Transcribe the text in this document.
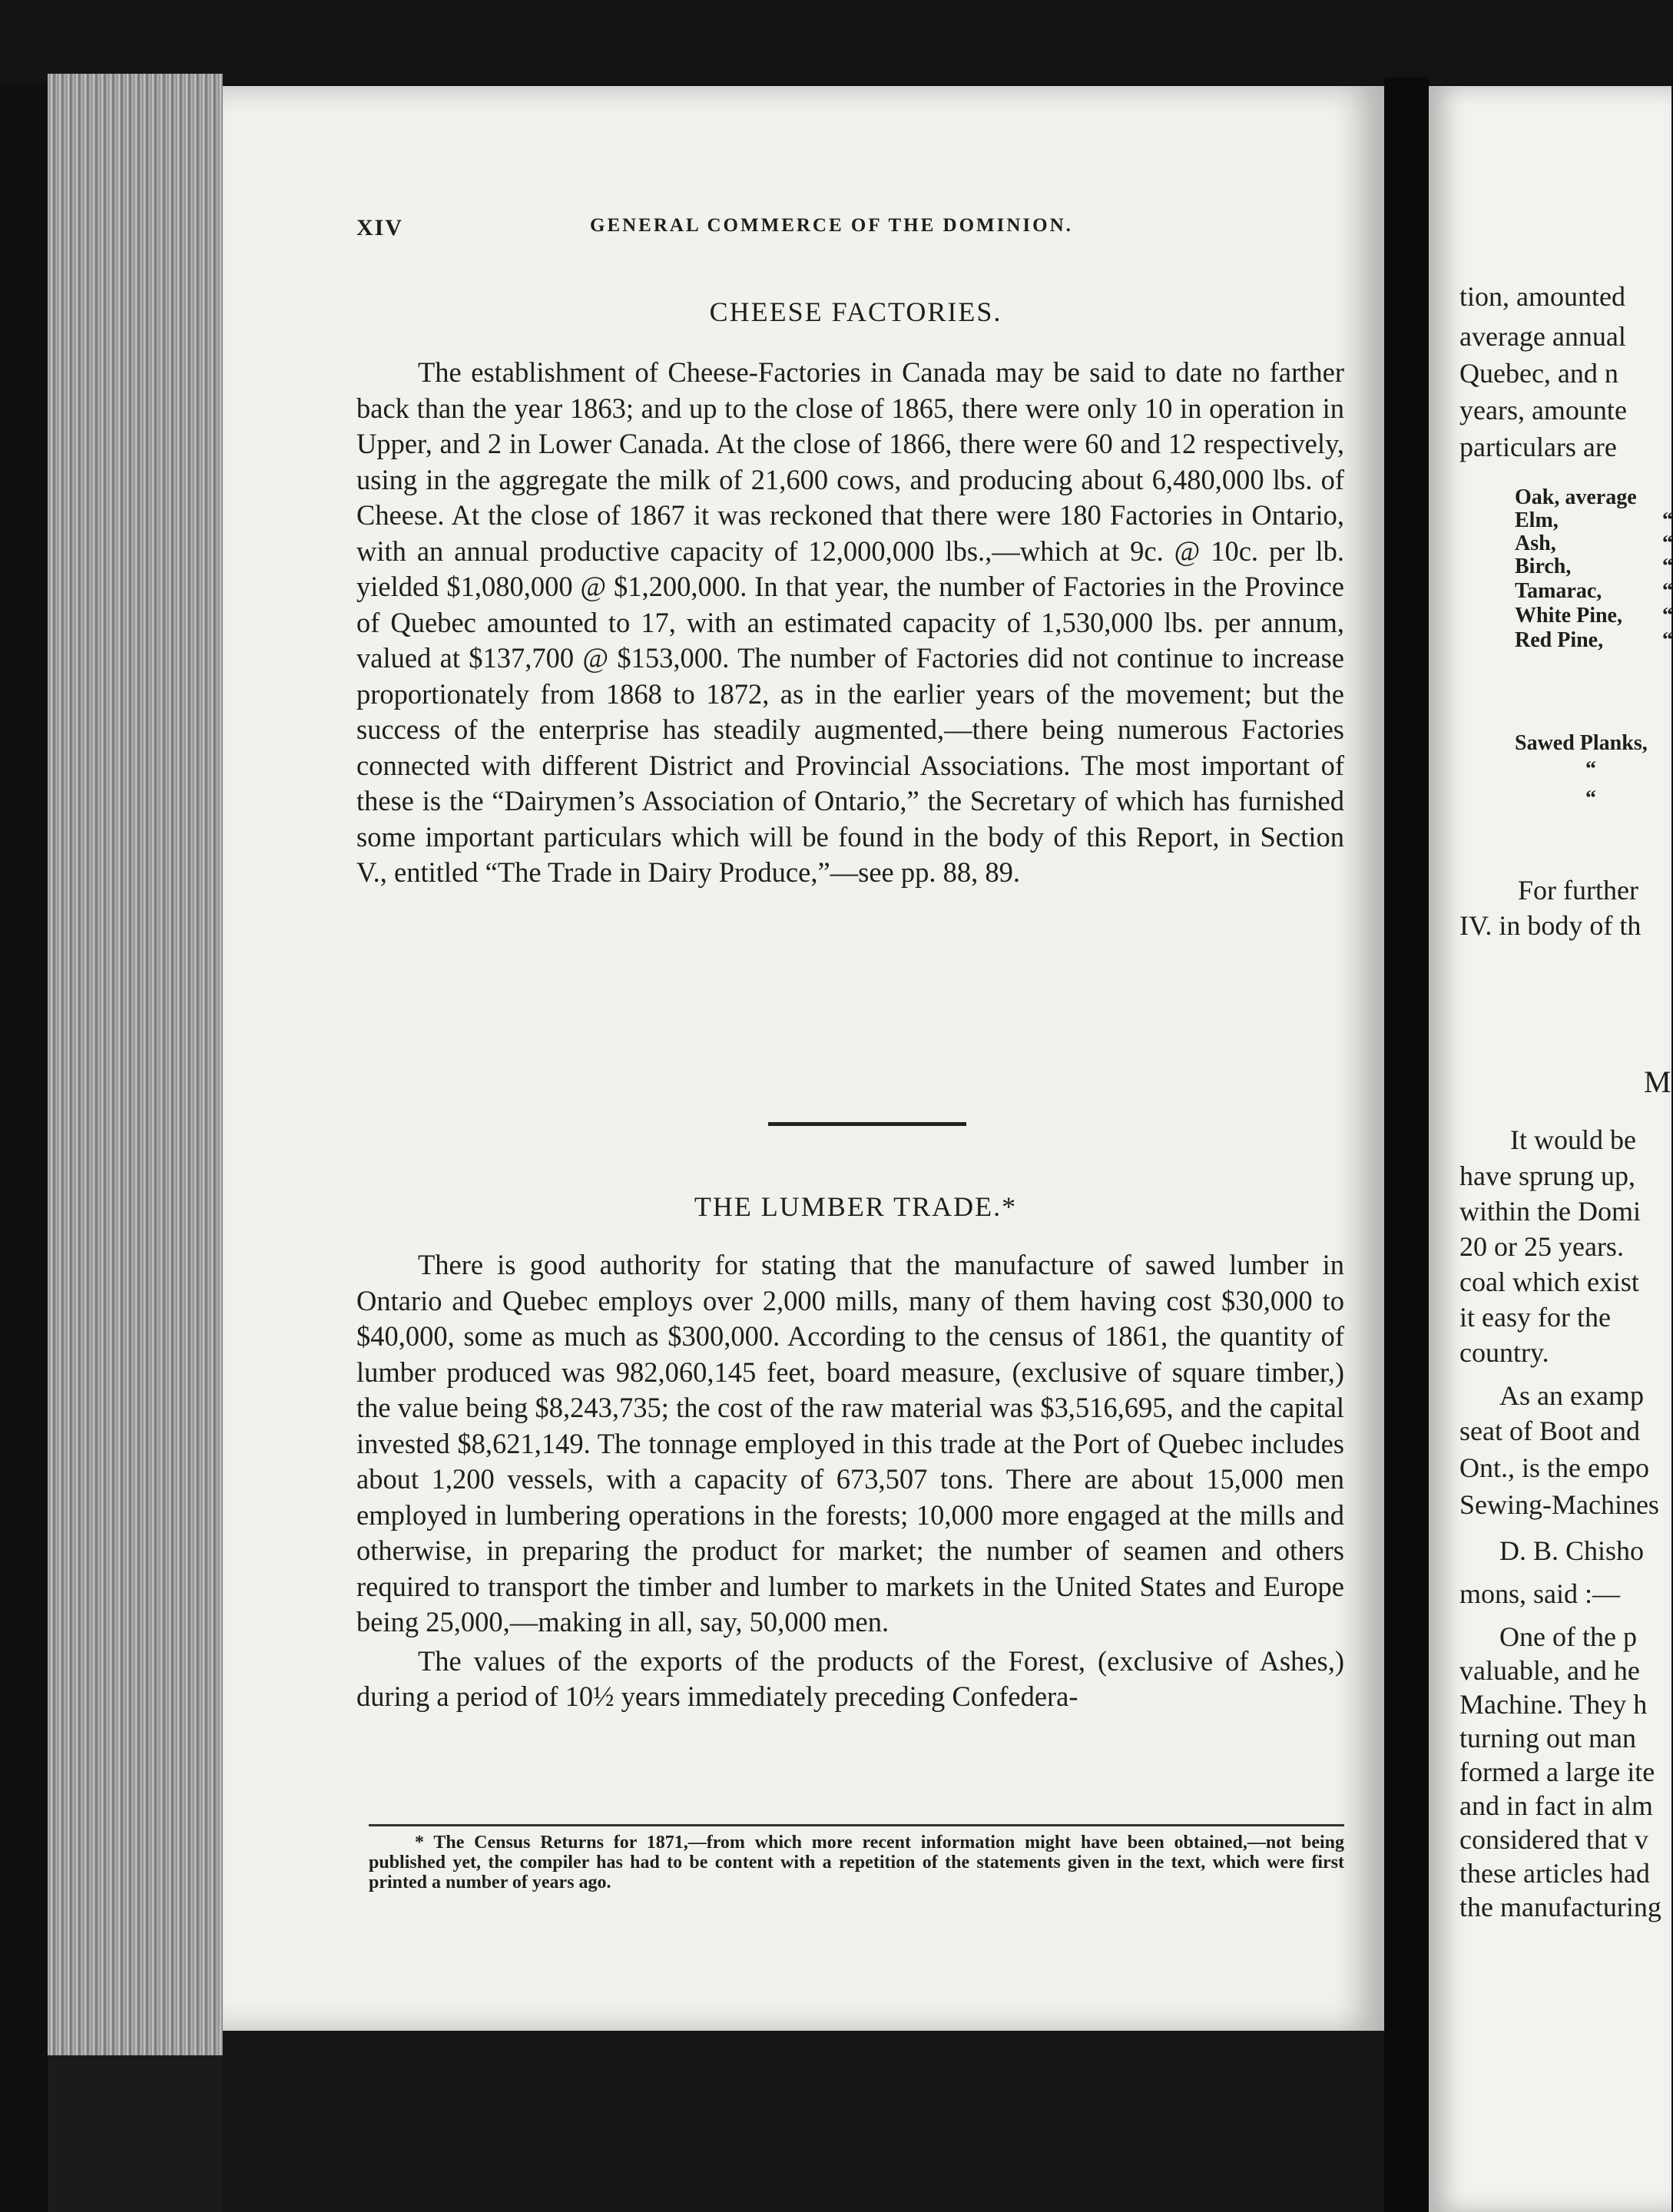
XIV	GENERAL COMMERCE OF THE DOMINION.
CHEESE FACTORIES.

The establishment of Cheese-Factories in Canada may be said to date no farther back than the year 1863; and up to the close of 1865, there were only 10 in operation in Upper, and 2 in Lower Canada. At the close of 1866, there were 60 and 12 respectively, using in the aggregate the milk of 21,600 cows, and producing about 6,480,000 lbs. of Cheese. At the close of 1867 it was reckoned that there were 180 Factories in Ontario, with an annual productive capacity of 12,000,000 lbs.,—which at 9c. @ 10c. per lb. yielded $1,080,000 @ $1,200,000. In that year, the number of Factories in the Province of Quebec amounted to 17, with an estimated capacity of 1,530,000 lbs. per annum, valued at $137,700 @ $153,000. The number of Factories did not continue to increase proportionately from 1868 to 1872, as in the earlier years of the movement; but the success of the enterprise has steadily augmented,—there being numerous Factories connected with different District and Provincial Associations. The most important of these is the “Dairymen’s Association of Ontario,” the Secretary of which has furnished some important particulars which will be found in the body of this Report, in Section V., entitled “The Trade in Dairy Produce,”—see pp. 88, 89.

THE LUMBER TRADE.*

There is good authority for stating that the manufacture of sawed lumber in Ontario and Quebec employs over 2,000 mills, many of them having cost $30,000 to $40,000, some as much as $300,000. According to the census of 1861, the quantity of lumber produced was 982,060,145 feet, board measure, (exclusive of square timber,) the value being $8,243,735; the cost of the raw material was $3,516,695, and the capital invested $8,621,149. The tonnage employed in this trade at the Port of Quebec includes about 1,200 vessels, with a capacity of 673,507 tons. There are about 15,000 men employed in lumbering operations in the forests; 10,000 more engaged at the mills and otherwise, in preparing the product for market; the number of seamen and others required to transport the timber and lumber to markets in the United States and Europe being 25,000,—making in all, say, 50,000 men.

The values of the exports of the products of the Forest, (exclusive of Ashes,) during a period of 10½ years immediately preceding Confedera-

* The Census Returns for 1871,—from which more recent information might have been obtained,—not being published yet, the compiler has had to be content with a repetition of the statements given in the text, which were first printed a number of years ago.
tion, amounted
average annual
Quebec, and n
years, amounte
particulars are
Oak, average
Elm,
Ash,
Birch,
Tamarac,
White Pine,
Red Pine,
“
“
“
“
“
“
Sawed Planks,
“
“
For further
IV. in body of th
M
It would be
have sprung up,
within the Domi
20 or 25 years.
coal which exist
it easy for the
country.
As an examp
seat of Boot and
Ont., is the empo
Sewing-Machines
D. B. Chisho
mons, said :—
One of the p
valuable, and he
Machine. They h
turning out man
formed a large ite
and in fact in alm
considered that v
these articles had
the manufacturing
